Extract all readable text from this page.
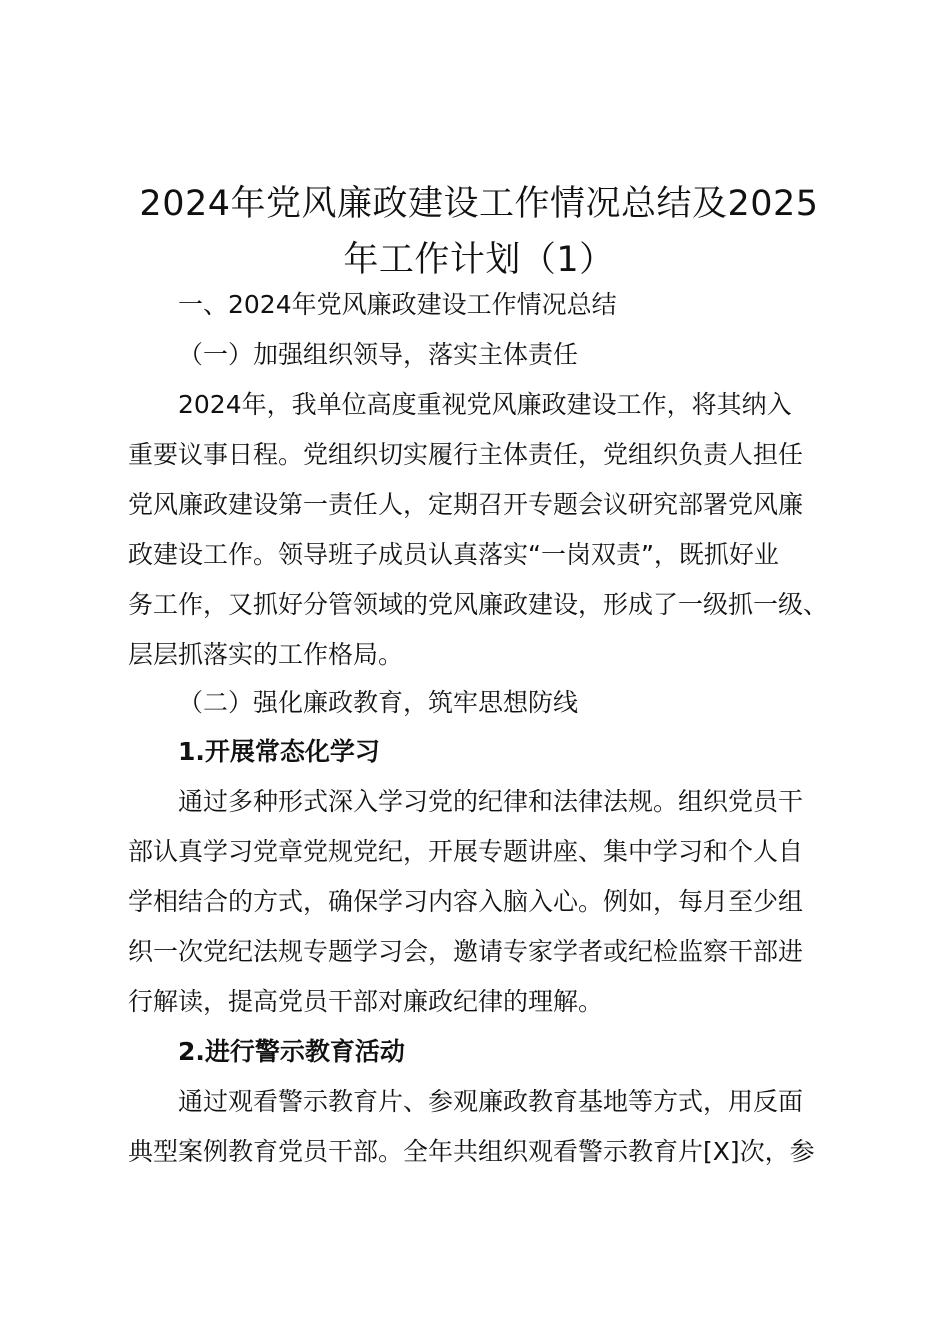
2024年党风廉政建设工作情况总结及2025年工作计划（1）

一、2024年党风廉政建设工作情况总结

（一）加强组织领导，落实主体责任

2024年，我单位高度重视党风廉政建设工作，将其纳入

重要议事日程。党组织切实履行主体责任，党组织负责人担任

党风廉政建设第一责任人，定期召开专题会议研究部署党风廉

政建设工作。领导班子成员认真落实“一岗双责”，既抓好业

务工作，又抓好分管领域的党风廉政建设，形成了一级抓一级、

层层抓落实的工作格局。

（二）强化廉政教育，筑牢思想防线

1.开展常态化学习

通过多种形式深入学习党的纪律和法律法规。组织党员干

部认真学习党章党规党纪，开展专题讲座、集中学习和个人自

学相结合的方式，确保学习内容入脑入心。例如，每月至少组

织一次党纪法规专题学习会，邀请专家学者或纪检监察干部进

行解读，提高党员干部对廉政纪律的理解。

2.进行警示教育活动

通过观看警示教育片、参观廉政教育基地等方式，用反面

典型案例教育党员干部。全年共组织观看警示教育片[X]次，参
